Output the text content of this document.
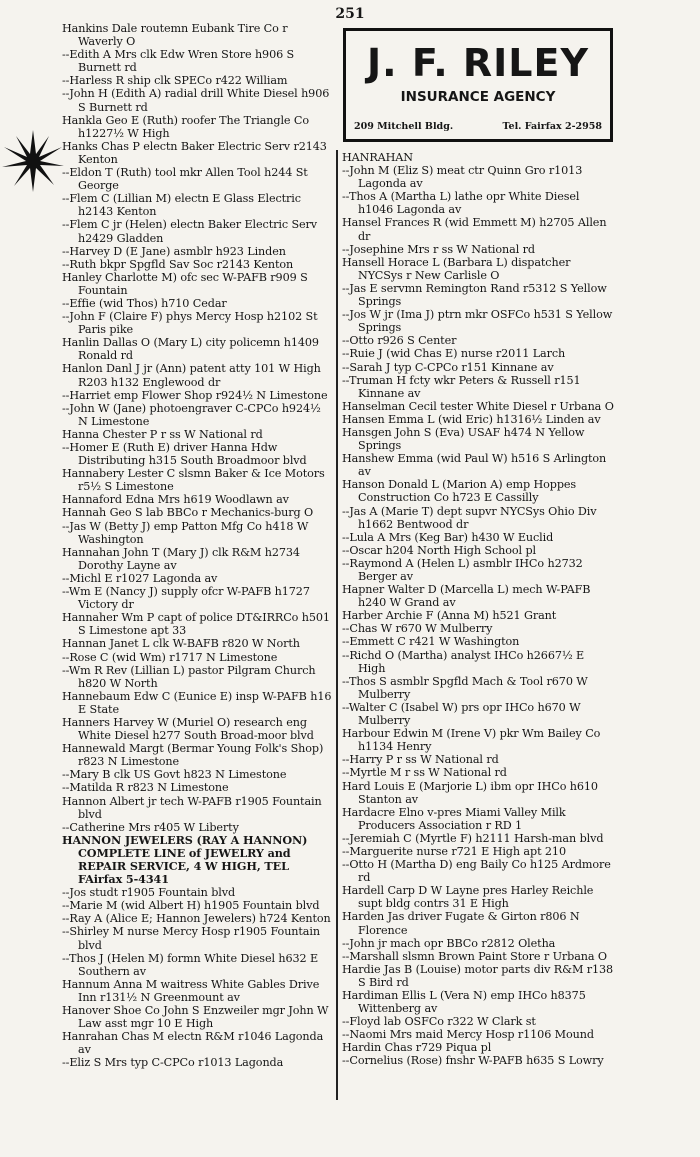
251
J. F. RILEY
INSURANCE AGENCY
209 Mitchell Bldg.	Tel. Fairfax 2-2958
Hankins Dale routemn Eubank Tire Co r Waverly O
--Edith A Mrs clk Edw Wren Store h906 S Burnett rd
--Harless R ship clk SPECo r422 William
--John H (Edith A) radial drill White Diesel h906 S Burnett rd
Hankla Geo E (Ruth) roofer The Triangle Co h1227½ W High
Hanks Chas P electn Baker Electric Serv r2143 Kenton
--Eldon T (Ruth) tool mkr Allen Tool h244 St George
--Flem C (Lillian M) electn E Glass Electric h2143 Kenton
--Flem C jr (Helen) electn Baker Electric Serv h2429 Gladden
--Harvey D (E Jane) asmblr h923 Linden
--Ruth bkpr Spgfld Sav Soc r2143 Kenton
Hanley Charlotte M) ofc sec W-PAFB r909 S Fountain
--Effie (wid Thos) h710 Cedar
--John F (Claire F) phys Mercy Hosp h2102 St Paris pike
Hanlin Dallas O (Mary L) city policemn h1409 Ronald rd
Hanlon Danl J jr (Ann) patent atty 101 W High R203 h132 Englewood dr
--Harriet emp Flower Shop r924½ N Limestone
--John W (Jane) photoengraver C-CPCo h924½ N Limestone
Hanna Chester P r ss W National rd
--Homer E (Ruth E) driver Hanna Hdw Distributing h315 South Broadmoor blvd
Hannabery Lester C slsmn Baker & Ice Motors r5½ S Limestone
Hannaford Edna Mrs h619 Woodlawn av
Hannah Geo S lab BBCo r Mechanics-burg O
--Jas W (Betty J) emp Patton Mfg Co h418 W Washington
Hannahan John T (Mary J) clk R&M h2734 Dorothy Layne av
--Michl E r1027 Lagonda av
--Wm E (Nancy J) supply ofcr W-PAFB h1727 Victory dr
Hannaher Wm P capt of police DT&IRRCo h501 S Limestone apt 33
Hannan Janet L clk W-BAFB r820 W North
--Rose C (wid Wm) r1717 N Limestone
--Wm R Rev (Lillian L) pastor Pilgram Church h820 W North
Hannebaum Edw C (Eunice E) insp W-PAFB h16 E State
Hanners Harvey W (Muriel O) research eng White Diesel h277 South Broad-moor blvd
Hannewald Margt (Bermar Young Folk's Shop) r823 N Limestone
--Mary B clk US Govt h823 N Limestone
--Matilda R r823 N Limestone
Hannon Albert jr tech W-PAFB r1905 Fountain blvd
--Catherine Mrs r405 W Liberty
HANNON JEWELERS (RAY A HANNON) COMPLETE LINE of JEWELRY and REPAIR SERVICE, 4 W HIGH, TEL FAirfax 5-4341
--Jos studt r1905 Fountain blvd
--Marie M (wid Albert H) h1905 Fountain blvd
--Ray A (Alice E; Hannon Jewelers) h724 Kenton
--Shirley M nurse Mercy Hosp r1905 Fountain blvd
--Thos J (Helen M) formn White Diesel h632 E Southern av
Hannum Anna M waitress White Gables Drive Inn r131½ N Greenmount av
Hanover Shoe Co John S Enzweiler mgr John W Law asst mgr 10 E High
Hanrahan Chas M electn R&M r1046 Lagonda av
--Eliz S Mrs typ C-CPCo r1013 Lagonda
HANRAHAN
--John M (Eliz S) meat ctr Quinn Gro r1013 Lagonda av
--Thos A (Martha L) lathe opr White Diesel h1046 Lagonda av
Hansel Frances R (wid Emmett M) h2705 Allen dr
--Josephine Mrs r ss W National rd
Hansell Horace L (Barbara L) dispatcher NYCSys r New Carlisle O
--Jas E servmn Remington Rand r5312 S Yellow Springs
--Jos W jr (Ima J) ptrn mkr OSFCo h531 S Yellow Springs
--Otto r926 S Center
--Ruie J (wid Chas E) nurse r2011 Larch
--Sarah J typ C-CPCo r151 Kinnane av
--Truman H fcty wkr Peters & Russell r151 Kinnane av
Hanselman Cecil tester White Diesel r Urbana O
Hansen Emma L (wid Eric) h1316½ Linden av
Hansgen John S (Eva) USAF h474 N Yellow Springs
Hanshew Emma (wid Paul W) h516 S Arlington av
Hanson Donald L (Marion A) emp Hoppes Construction Co h723 E Cassilly
--Jas A (Marie T) dept supvr NYCSys Ohio Div h1662 Bentwood dr
--Lula A Mrs (Keg Bar) h430 W Euclid
--Oscar h204 North High School pl
--Raymond A (Helen L) asmblr IHCo h2732 Berger av
Hapner Walter D (Marcella L) mech W-PAFB h240 W Grand av
Harber Archie F (Anna M) h521 Grant
--Chas W r670 W Mulberry
--Emmett C r421 W Washington
--Richd O (Martha) analyst IHCo h2667½ E High
--Thos S asmblr Spgfld Mach & Tool r670 W Mulberry
--Walter C (Isabel W) prs opr IHCo h670 W Mulberry
Harbour Edwin M (Irene V) pkr Wm Bailey Co h1134 Henry
--Harry P r ss W National rd
--Myrtle M r ss W National rd
Hard Louis E (Marjorie L) ibm opr IHCo h610 Stanton av
Hardacre Elno v-pres Miami Valley Milk Producers Association r RD 1
--Jeremiah C (Myrtle F) h2111 Harsh-man blvd
--Marguerite nurse r721 E High apt 210
--Otto H (Martha D) eng Baily Co h125 Ardmore rd
Hardell Carp D W Layne pres Harley Reichle supt bldg contrs 31 E High
Harden Jas driver Fugate & Girton r806 N Florence
--John jr mach opr BBCo r2812 Oletha
--Marshall slsmn Brown Paint Store r Urbana O
Hardie Jas B (Louise) motor parts div R&M r138 S Bird rd
Hardiman Ellis L (Vera N) emp IHCo h8375 Wittenberg av
--Floyd lab OSFCo r322 W Clark st
--Naomi Mrs maid Mercy Hosp r1106 Mound
Hardin Chas r729 Piqua pl
--Cornelius (Rose) fnshr W-PAFB h635 S Lowry
